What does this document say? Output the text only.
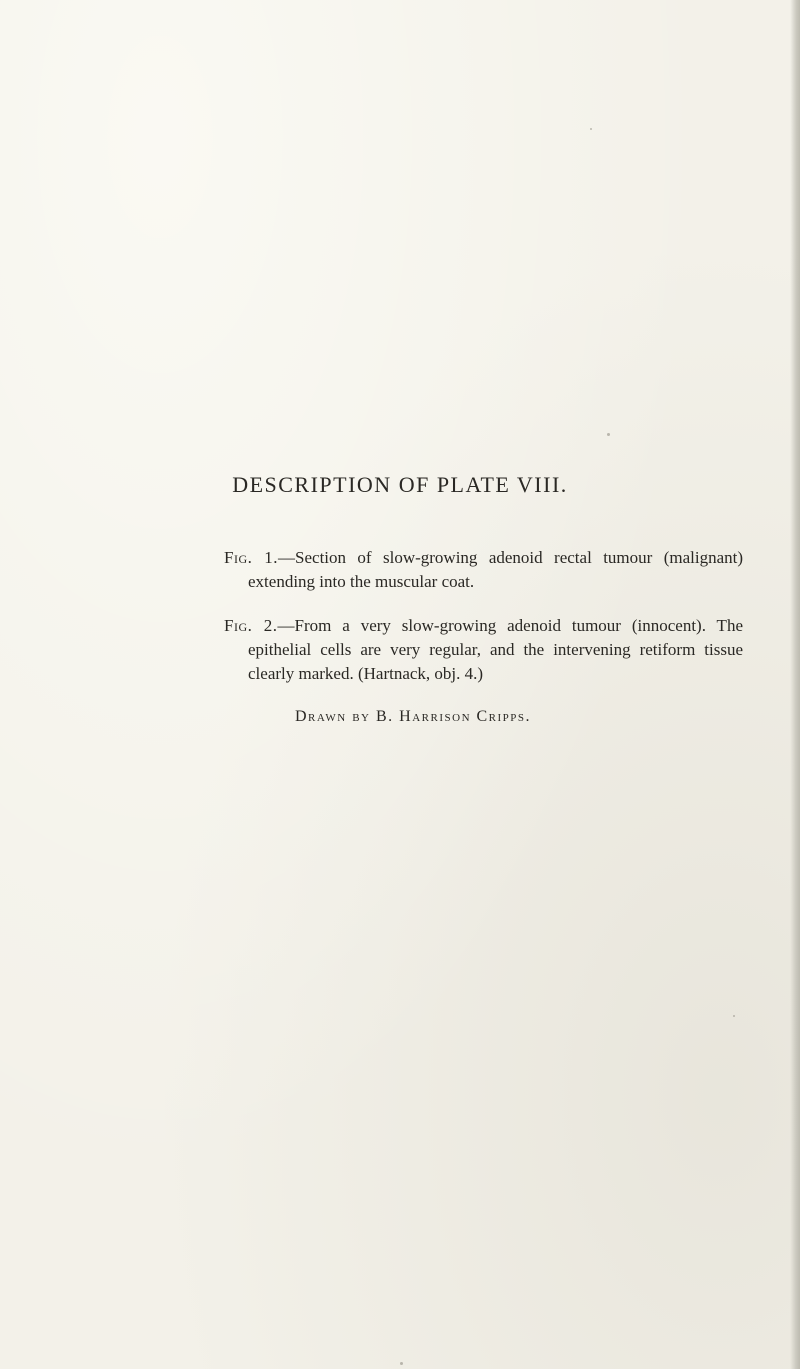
DESCRIPTION OF PLATE VIII.

Fig. 1.—Section of slow-growing adenoid rectal tumour (malignant) extending into the muscular coat.

Fig. 2.—From a very slow-growing adenoid tumour (innocent). The epithelial cells are very regular, and the intervening retiform tissue clearly marked. (Hartnack, obj. 4.)

Drawn by B. Harrison Cripps.
